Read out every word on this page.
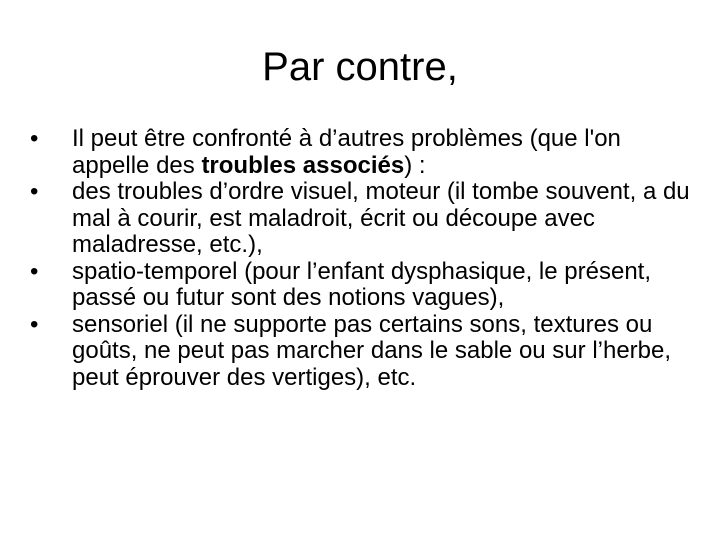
Par contre,
• Il peut être confronté à d’autres problèmes (que l'on appelle des troubles associés) :
• des troubles d’ordre visuel, moteur (il tombe souvent, a du mal à courir, est maladroit, écrit ou découpe avec maladresse, etc.),
• spatio-temporel (pour l’enfant dysphasique, le présent, passé ou futur sont des notions vagues),
• sensoriel (il ne supporte pas certains sons, textures ou goûts, ne peut pas marcher dans le sable ou sur l’herbe, peut éprouver des vertiges), etc.
